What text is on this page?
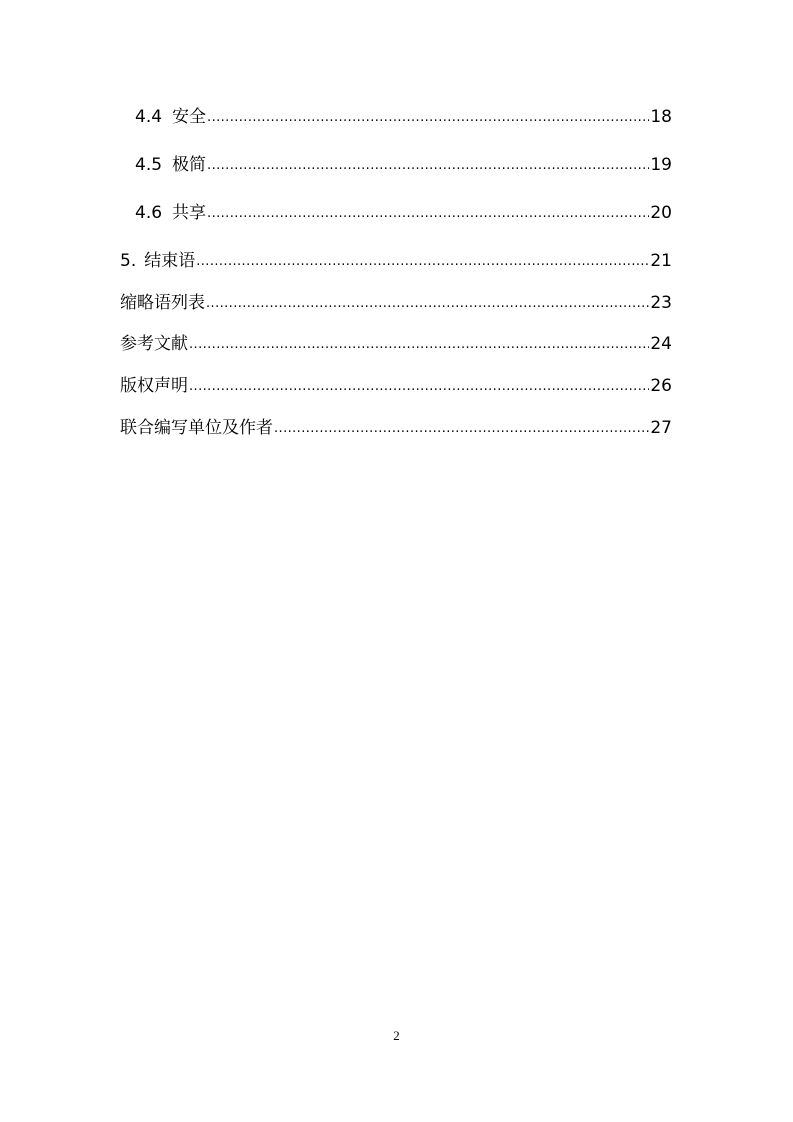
4.4 安全 .....	18
4.5 极简 .....	19
4.6 共享 .....	20
5. 结束语 .....	21
缩略语列表 .....	23
参考文献 .....	24
版权声明 .....	26
联合编写单位及作者 .....	27
2
